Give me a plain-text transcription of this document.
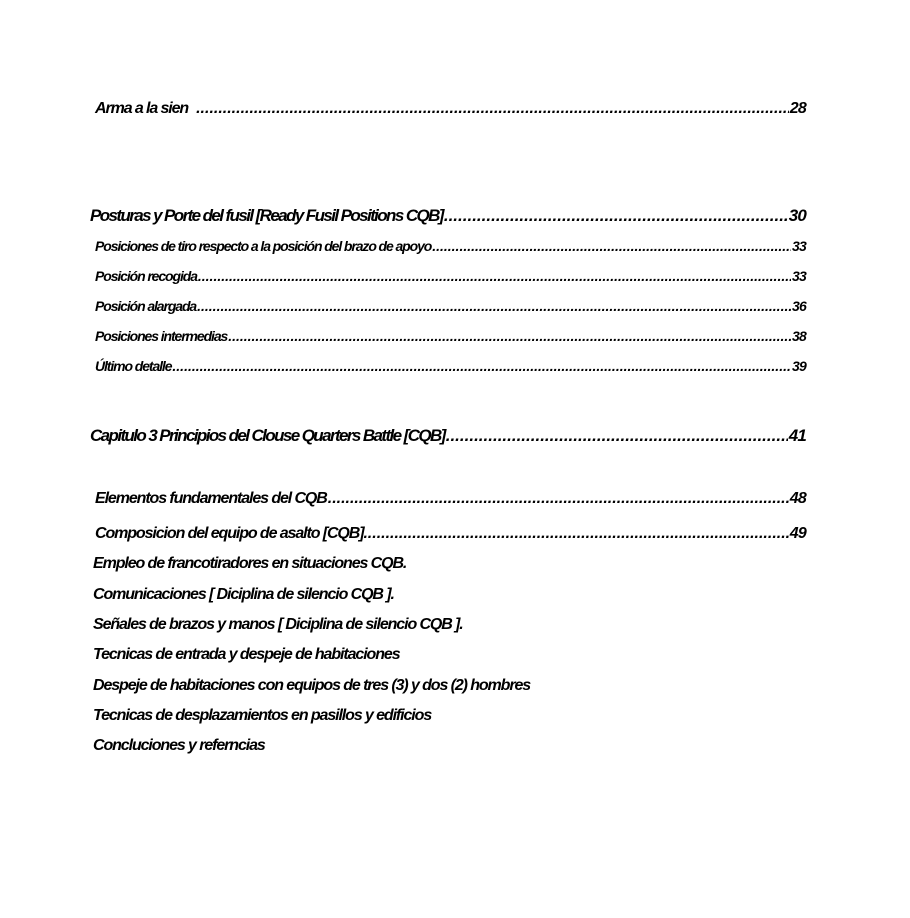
Arma a la sien .....	28
Posturas y Porte del fusil [Ready Fusil Positions CQB] .....	30
Posiciones de tiro respecto a la posición del brazo de apoyo .....	33
Posición recogida .....	33
Posición alargada .....	36
Posiciones intermedias .....	38
Último detalle .....	39
Capitulo 3 Principios del Clouse Quarters Battle [CQB] .....	41
Elementos fundamentales del CQB .....	48
Composicion del equipo de asalto [CQB]. .....	49
Empleo de francotiradores en situaciones CQB.
Comunicaciones [ Diciplina de silencio CQB ].
Señales de brazos y manos [ Diciplina de silencio CQB ].
Tecnicas de entrada y despeje de habitaciones
Despeje de habitaciones con equipos de tres (3) y dos (2) hombres
Tecnicas de desplazamientos en pasillos y edificios
Concluciones y referncias
